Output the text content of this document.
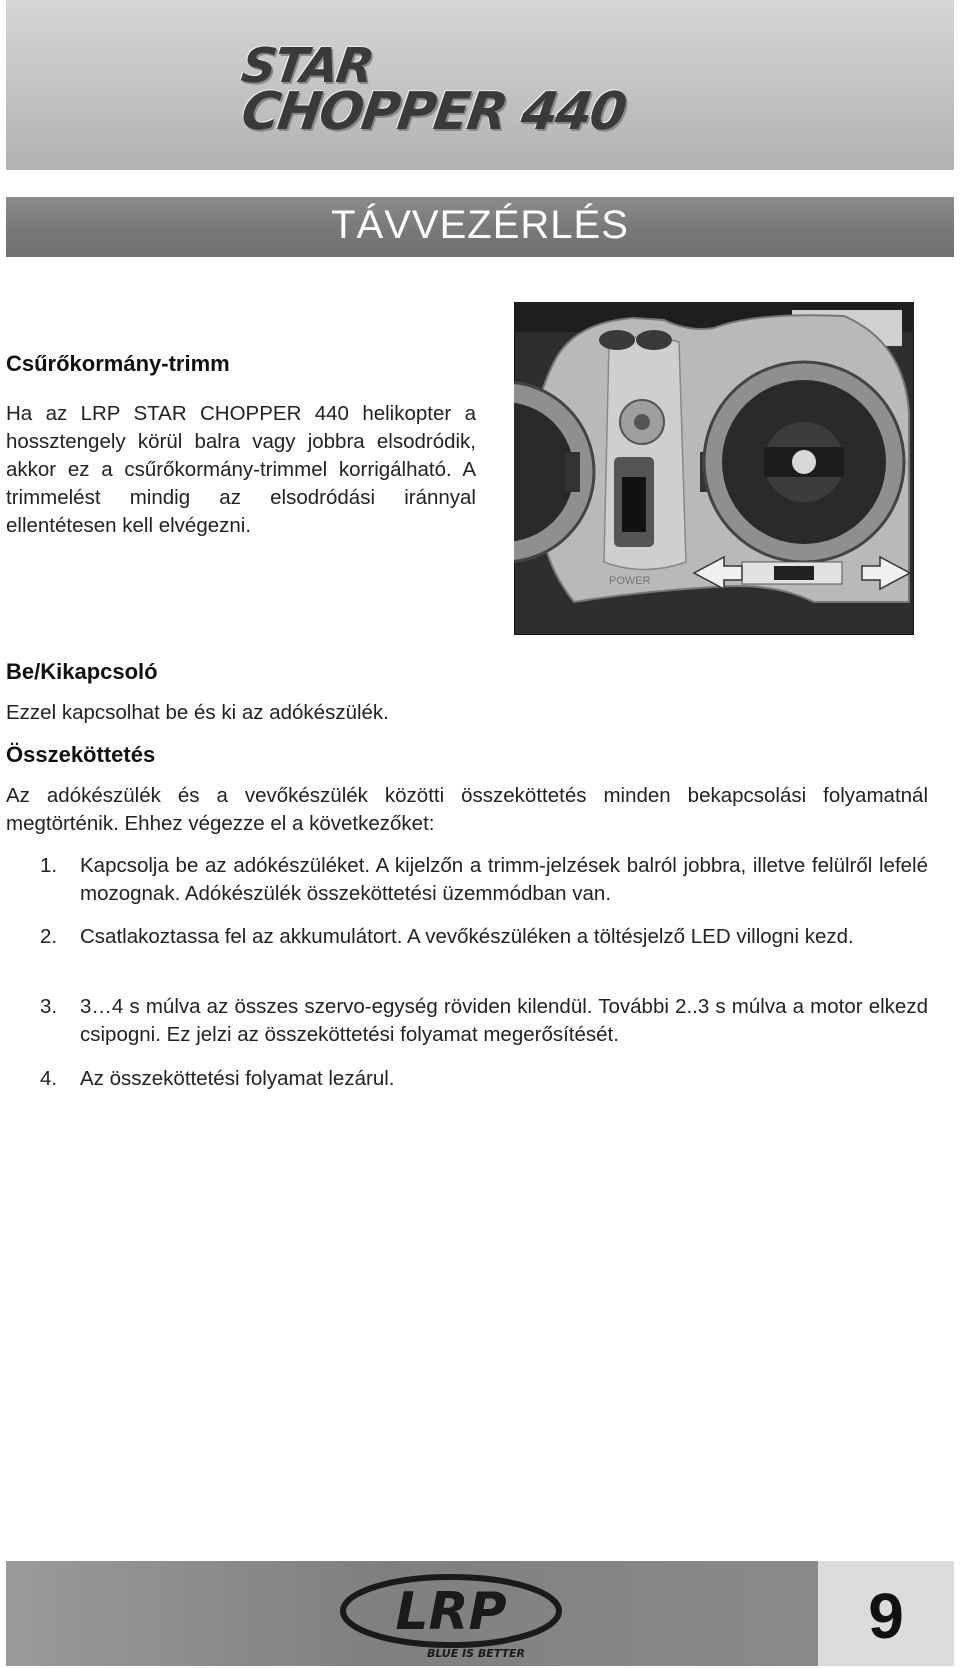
STAR
CHOPPER 440
TÁVVEZÉRLÉS
POWER
Csűrőkormány-trimm
Ha az LRP STAR CHOPPER 440 helikopter a hossztengely körül balra vagy jobbra elsodródik, akkor ez a csűrőkormány-trimmel korrigálható. A trimmelést mindig az elsodródási iránnyal ellentétesen kell elvégezni.
Be/Kikapcsoló
Ezzel kapcsolhat be és ki az adókészülék.
Összeköttetés
Az adókészülék és a vevőkészülék közötti összeköttetés minden bekapcsolási folyamatnál megtörténik. Ehhez végezze el a következőket:
1. Kapcsolja be az adókészüléket. A kijelzőn a trimm-jelzések balról jobbra, illetve felülről lefelé mozognak. Adókészülék összeköttetési üzemmódban van.
2. Csatlakoztassa fel az akkumulátort. A vevőkészüléken a töltésjelző LED villogni kezd.
3. 3…4 s múlva az összes szervo-egység röviden kilendül. További 2..3 s múlva a motor elkezd csipogni. Ez jelzi az összeköttetési folyamat megerősítését.
4. Az összeköttetési folyamat lezárul.
LRP
BLUE IS BETTER
9
